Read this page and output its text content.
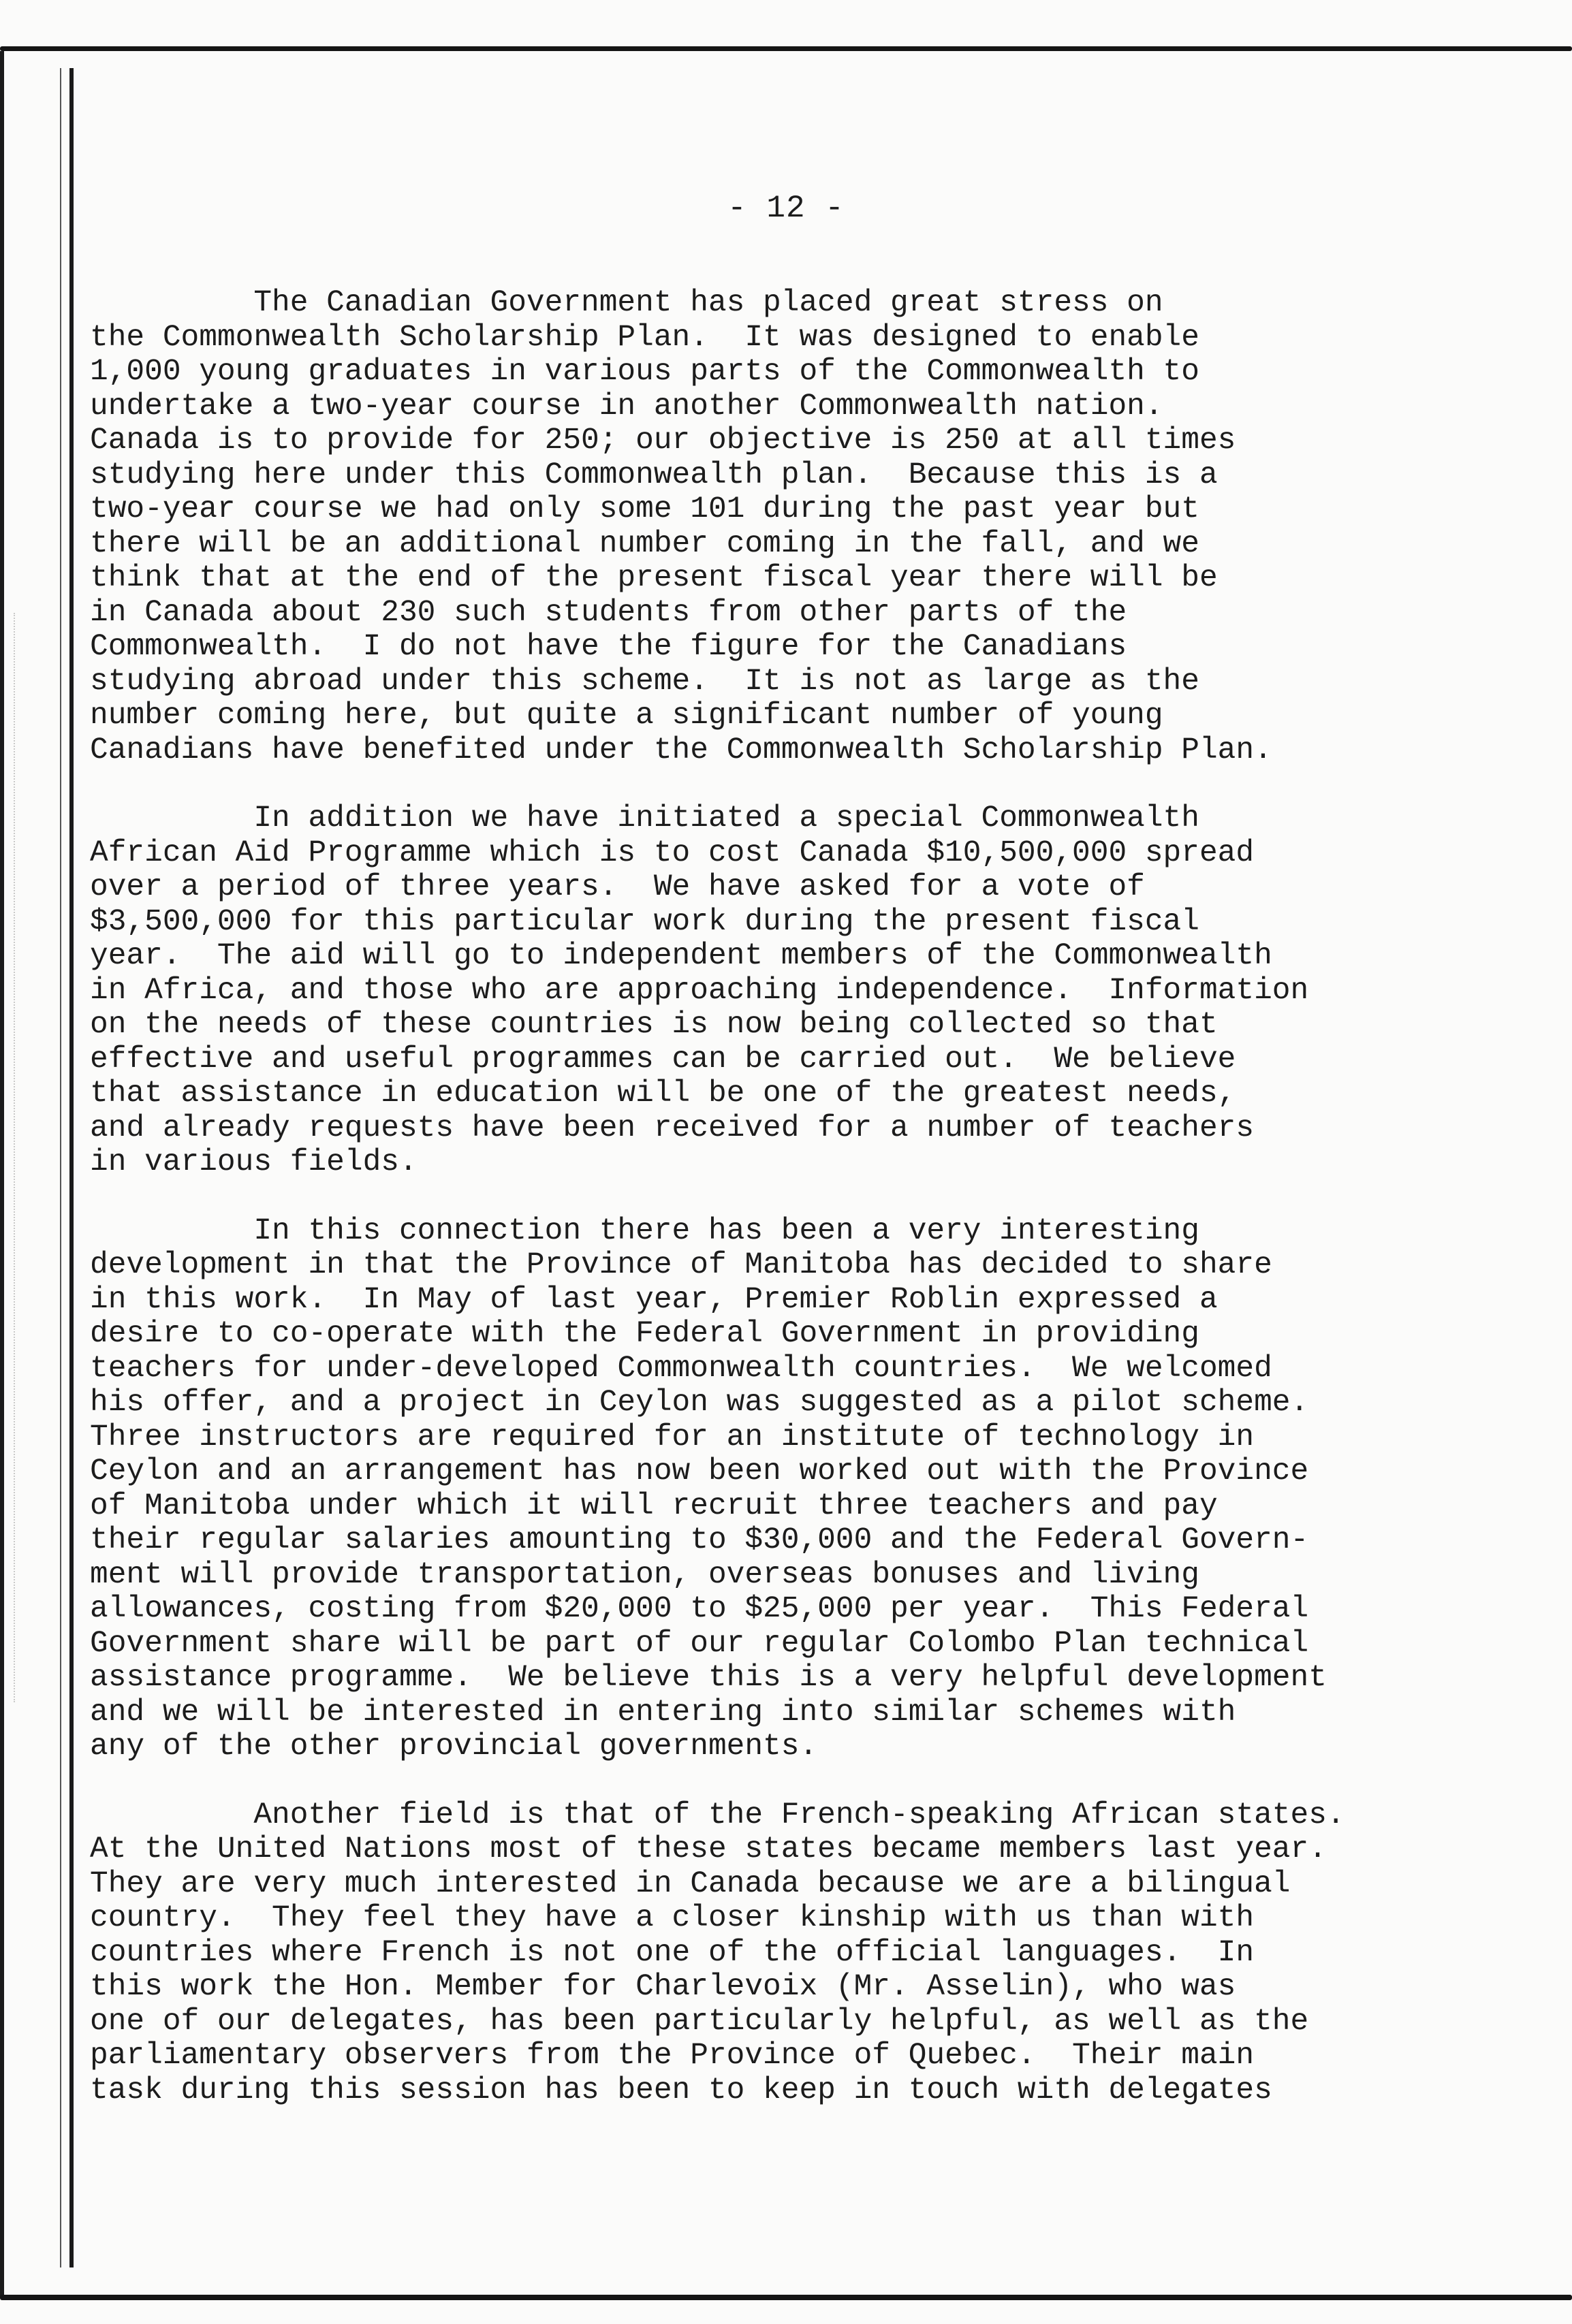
- 12 -
The Canadian Government has placed great stress on
the Commonwealth Scholarship Plan.  It was designed to enable
1,000 young graduates in various parts of the Commonwealth to
undertake a two-year course in another Commonwealth nation.
Canada is to provide for 250; our objective is 250 at all times
studying here under this Commonwealth plan.  Because this is a
two-year course we had only some 101 during the past year but
there will be an additional number coming in the fall, and we
think that at the end of the present fiscal year there will be
in Canada about 230 such students from other parts of the
Commonwealth.  I do not have the figure for the Canadians
studying abroad under this scheme.  It is not as large as the
number coming here, but quite a significant number of young
Canadians have benefited under the Commonwealth Scholarship Plan.
In addition we have initiated a special Commonwealth
African Aid Programme which is to cost Canada $10,500,000 spread
over a period of three years.  We have asked for a vote of
$3,500,000 for this particular work during the present fiscal
year.  The aid will go to independent members of the Commonwealth
in Africa, and those who are approaching independence.  Information
on the needs of these countries is now being collected so that
effective and useful programmes can be carried out.  We believe
that assistance in education will be one of the greatest needs,
and already requests have been received for a number of teachers
in various fields.
In this connection there has been a very interesting
development in that the Province of Manitoba has decided to share
in this work.  In May of last year, Premier Roblin expressed a
desire to co-operate with the Federal Government in providing
teachers for under-developed Commonwealth countries.  We welcomed
his offer, and a project in Ceylon was suggested as a pilot scheme.
Three instructors are required for an institute of technology in
Ceylon and an arrangement has now been worked out with the Province
of Manitoba under which it will recruit three teachers and pay
their regular salaries amounting to $30,000 and the Federal Govern-
ment will provide transportation, overseas bonuses and living
allowances, costing from $20,000 to $25,000 per year.  This Federal
Government share will be part of our regular Colombo Plan technical
assistance programme.  We believe this is a very helpful development
and we will be interested in entering into similar schemes with
any of the other provincial governments.
Another field is that of the French-speaking African states.
At the United Nations most of these states became members last year.
They are very much interested in Canada because we are a bilingual
country.  They feel they have a closer kinship with us than with
countries where French is not one of the official languages.  In
this work the Hon. Member for Charlevoix (Mr. Asselin), who was
one of our delegates, has been particularly helpful, as well as the
parliamentary observers from the Province of Quebec.  Their main
task during this session has been to keep in touch with delegates
